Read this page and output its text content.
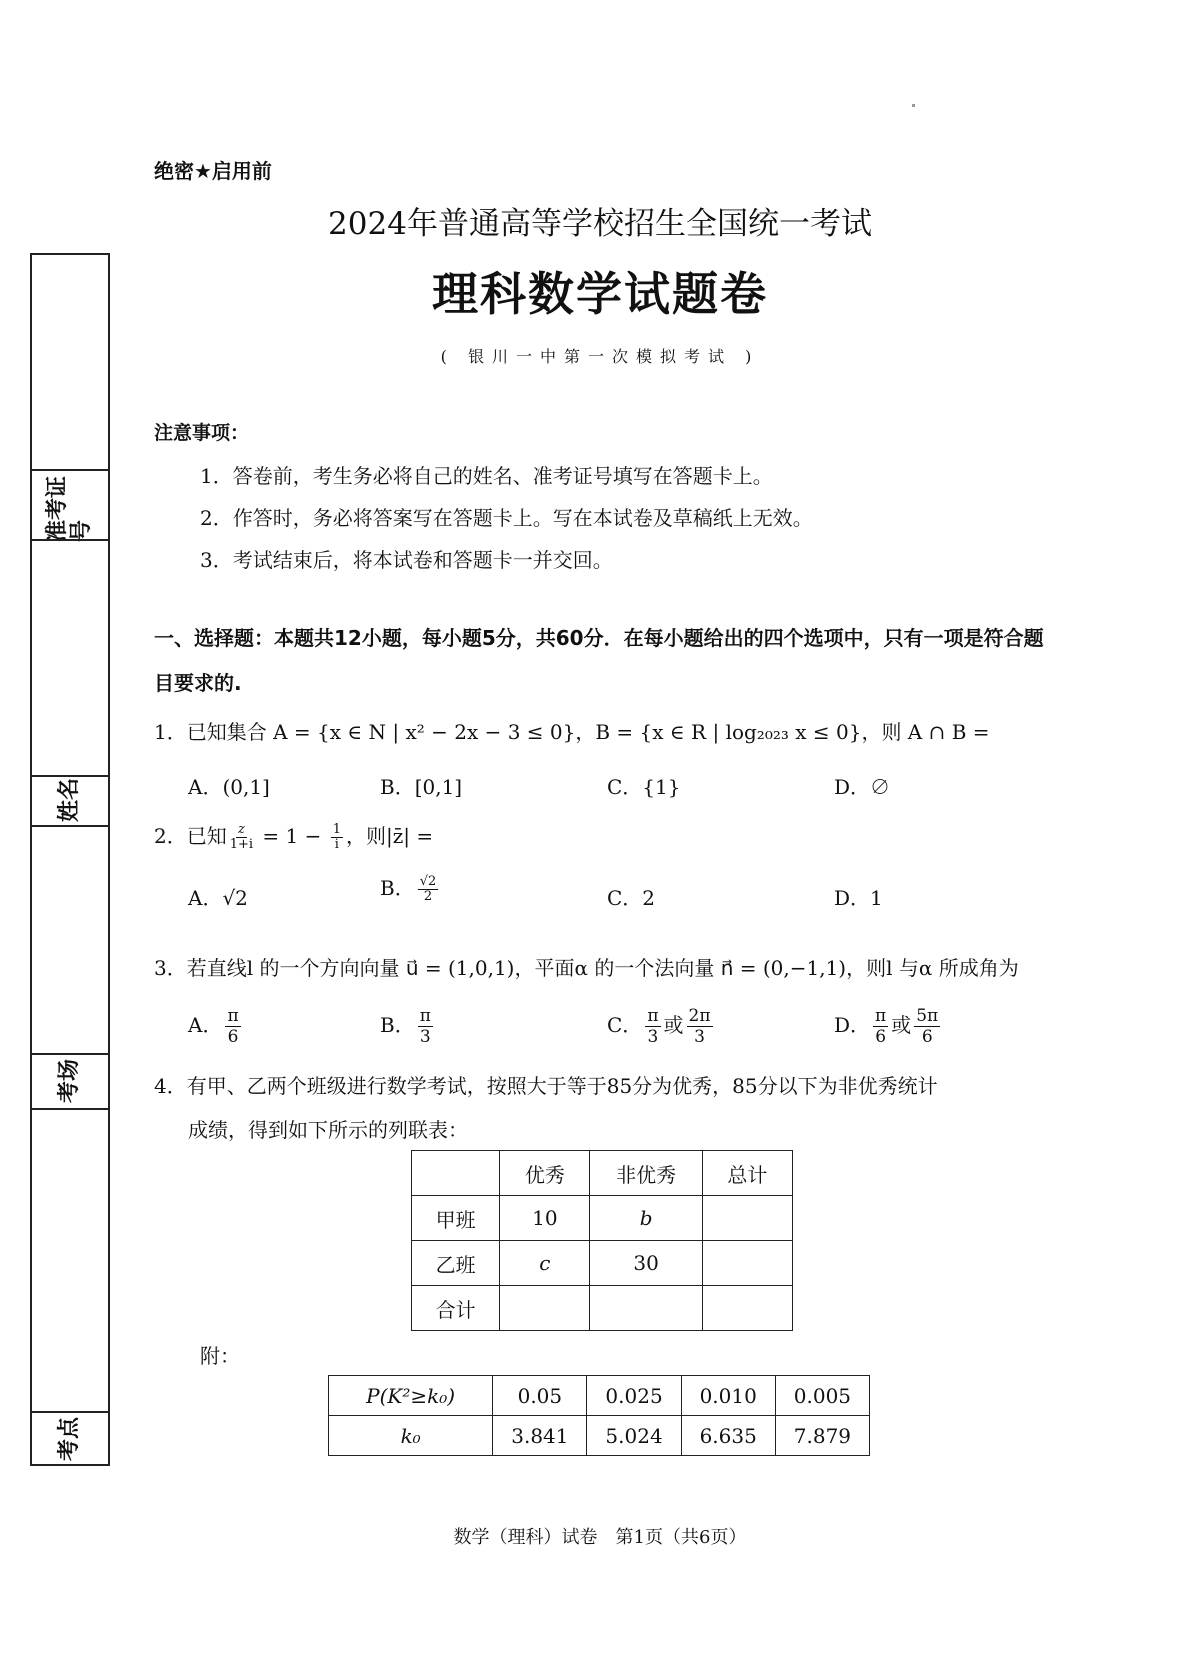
准考证号
姓名
考场
考点
绝密★启用前
2024年普通高等学校招生全国统一考试
理科数学试题卷
( 银川一中第一次模拟考试 )
注意事项：
1．答卷前，考生务必将自己的姓名、准考证号填写在答题卡上。
2．作答时，务必将答案写在答题卡上。写在本试卷及草稿纸上无效。
3．考试结束后，将本试卷和答题卡一并交回。
一、选择题：本题共12小题，每小题5分，共60分．在每小题给出的四个选项中，只有一项是符合题目要求的.
1．已知集合 A = {x ∈ N | x² − 2x − 3 ≤ 0}，B = {x ∈ R | log₂₀₂₃ x ≤ 0}，则 A ∩ B =
A．(0,1]	B．[0,1]	C．{1}	D．∅
2．已知 $\frac{z}{1+i} = 1 - \frac{1}{i}$ ，则|z̄| =
A．√2	B． $\frac{√2}{2}$	C．2	D．1
3．若直线l 的一个方向向量 u⃗ = (1,0,1)，平面α 的一个法向量 n⃗ = (0,−1,1)，则l 与α 所成角为
A． $\frac{\pi}{6}$	B． $\frac{\pi}{3}$	C． $\frac{\pi}{3}$ 或 $\frac{2\pi}{3}$	D． $\frac{\pi}{6}$ 或 $\frac{5\pi}{6}$
4．有甲、乙两个班级进行数学考试，按照大于等于85分为优秀，85分以下为非优秀统计
成绩，得到如下所示的列联表：
	优秀	非优秀	总计
甲班	10	b	
乙班	c	30	
合计			
附：
P(K²≥k₀)	0.05	0.025	0.010	0.005
k₀	3.841	5.024	6.635	7.879
数学（理科）试卷　第1页（共6页）
